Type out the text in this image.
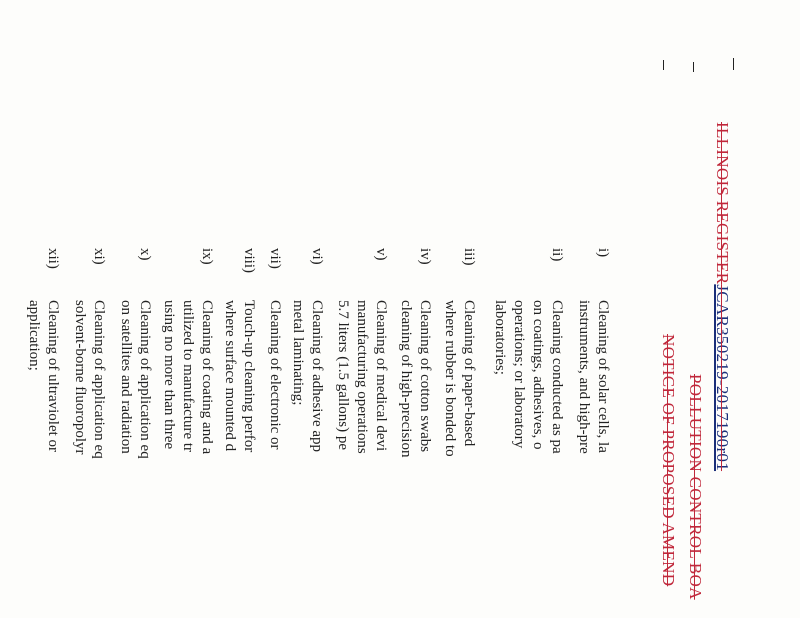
ILLINOIS REGISTERJCAR350219-2017190r01
POLLUTION CONTROL BOA
NOTICE OF PROPOSED AMEND
i)
Cleaning of solar cells, la
instruments, and high-pre
ii)
Cleaning conducted as pa
on coatings, adhesives, o
operations; or laboratory
laboratories;
iii)
Cleaning of paper-based
where rubber is bonded to
iv)
Cleaning of cotton swabs
cleaning of high-precision
v)
Cleaning of medical devi
manufacturing operations
5.7 liters (1.5 gallons) pe
vi)
Cleaning of adhesive app
metal laminating;
vii)
Cleaning of electronic or
viii)
Touch-up cleaning perfor
where surface mounted d
ix)
Cleaning of coating and a
utilized to manufacture tr
using no more than three
x)
Cleaning of application eq
on satellites and radiation
xi)
Cleaning of application eq
solvent-borne fluoropolyr
xii)
Cleaning of ultraviolet or
application;
